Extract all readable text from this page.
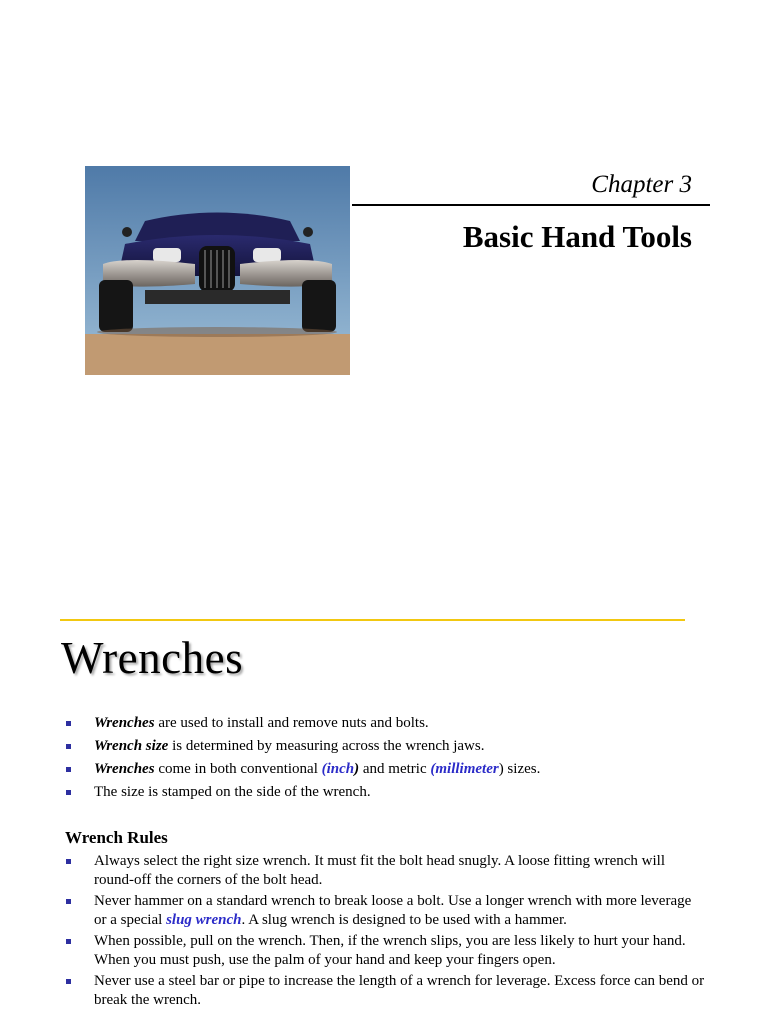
Chapter 3
Basic Hand Tools
Wrenches
Wrenches are used to install and remove nuts and bolts.
Wrench size is determined by measuring across the wrench jaws.
Wrenches come in both conventional (inch) and metric (millimeter) sizes.
The size is stamped on the side of the wrench.
Wrench Rules
Always select the right size wrench. It must fit the bolt head snugly. A loose fitting wrench will round-off the corners of the bolt head.
Never hammer on a standard wrench to break loose a bolt. Use a longer wrench with more leverage or a special slug wrench. A slug wrench is designed to be used with a hammer.
When possible, pull on the wrench. Then, if the wrench slips, you are less likely to hurt your hand. When you must push, use the palm of your hand and keep your fingers open.
Never use a steel bar or pipe to increase the length of a wrench for leverage. Excess force can bend or break the wrench.
